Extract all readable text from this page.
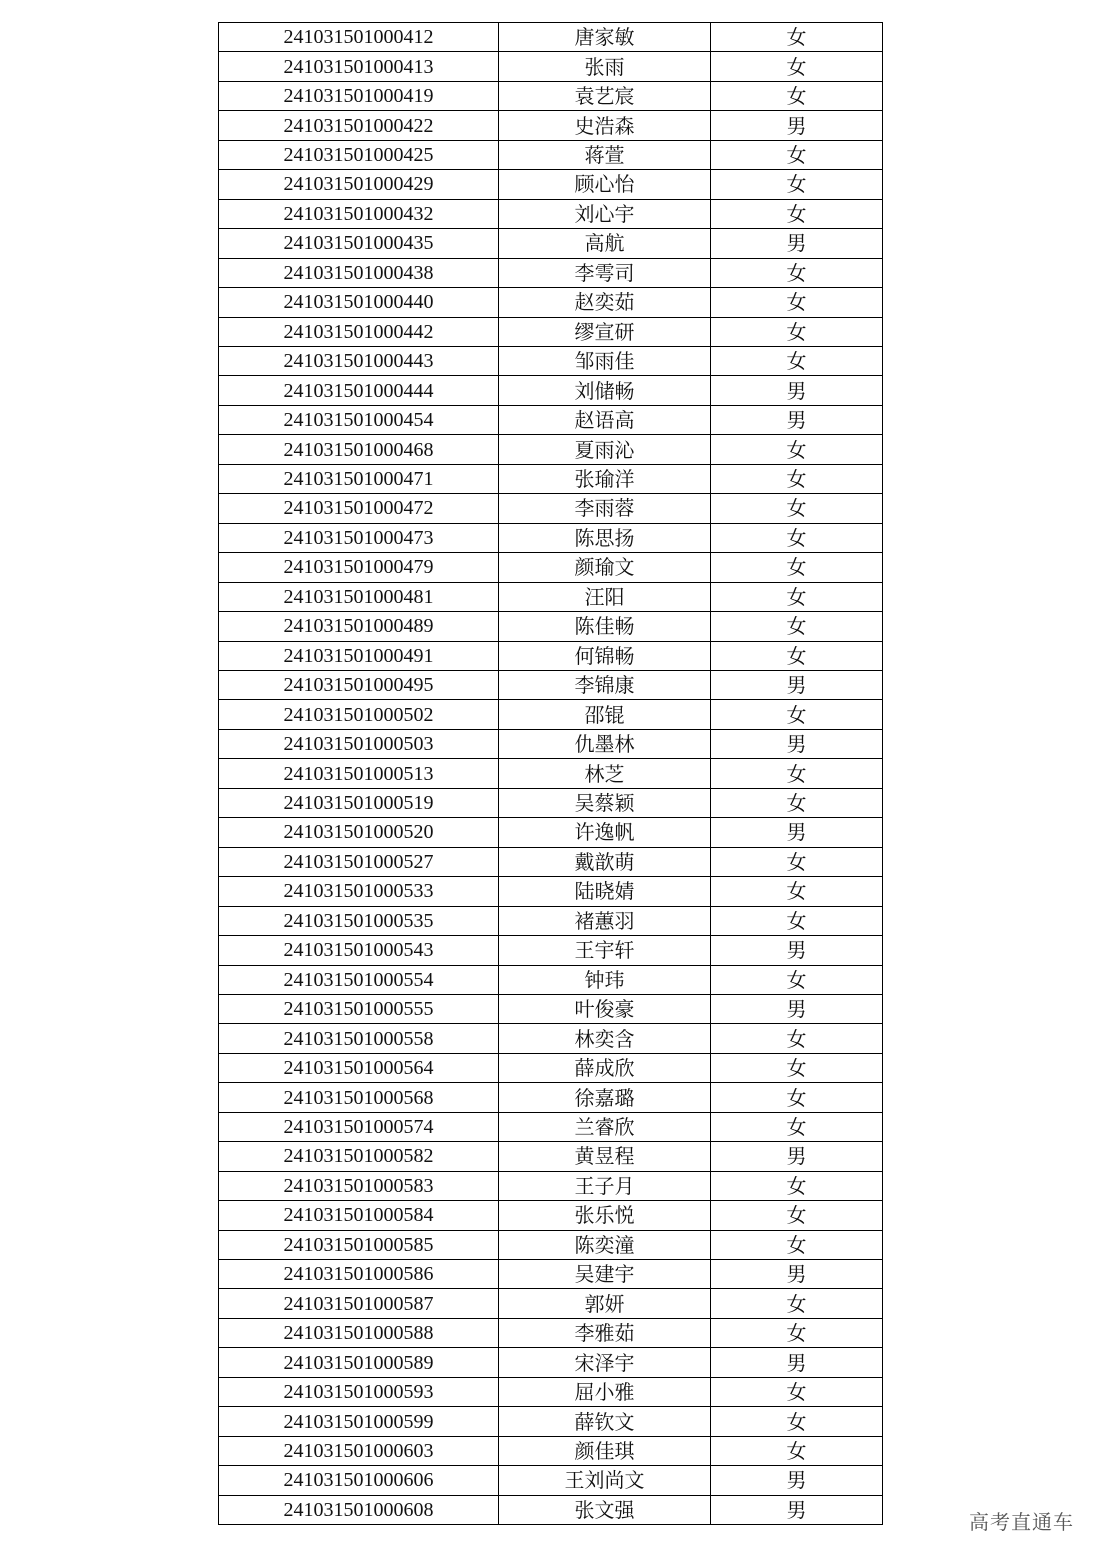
241031501000412	唐家敏	女
241031501000413	张雨	女
241031501000419	袁艺宸	女
241031501000422	史浩森	男
241031501000425	蒋萱	女
241031501000429	顾心怡	女
241031501000432	刘心宇	女
241031501000435	高航	男
241031501000438	李雩司	女
241031501000440	赵奕茹	女
241031501000442	缪宣研	女
241031501000443	邹雨佳	女
241031501000444	刘储畅	男
241031501000454	赵语高	男
241031501000468	夏雨沁	女
241031501000471	张瑜洋	女
241031501000472	李雨蓉	女
241031501000473	陈思扬	女
241031501000479	颜瑜文	女
241031501000481	汪阳	女
241031501000489	陈佳畅	女
241031501000491	何锦畅	女
241031501000495	李锦康	男
241031501000502	邵锟	女
241031501000503	仇墨林	男
241031501000513	林芝	女
241031501000519	吴蔡颖	女
241031501000520	许逸帆	男
241031501000527	戴歆萌	女
241031501000533	陆晓婧	女
241031501000535	褚蕙羽	女
241031501000543	王宇轩	男
241031501000554	钟玮	女
241031501000555	叶俊豪	男
241031501000558	林奕含	女
241031501000564	薛成欣	女
241031501000568	徐嘉璐	女
241031501000574	兰睿欣	女
241031501000582	黄昱程	男
241031501000583	王子月	女
241031501000584	张乐悦	女
241031501000585	陈奕潼	女
241031501000586	吴建宇	男
241031501000587	郭妍	女
241031501000588	李雅茹	女
241031501000589	宋泽宇	男
241031501000593	屈小雅	女
241031501000599	薛钦文	女
241031501000603	颜佳琪	女
241031501000606	王刘尚文	男
241031501000608	张文强	男
高考直通车
